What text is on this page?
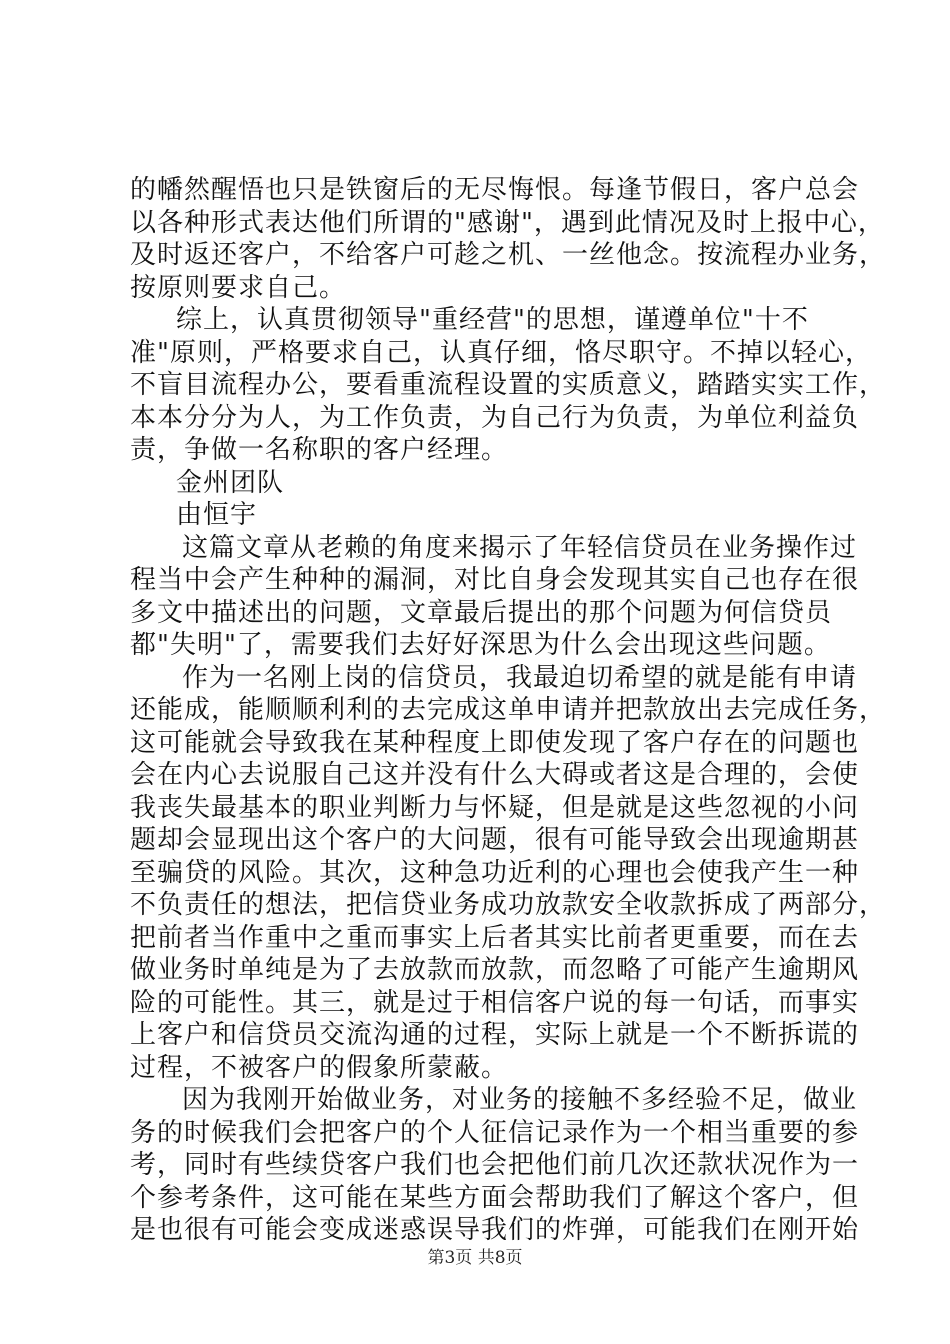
的幡然醒悟也只是铁窗后的无尽悔恨。每逢节假日，客户总会
以各种形式表达他们所谓的"感谢"，遇到此情况及时上报中心，
及时返还客户，不给客户可趁之机、一丝他念。按流程办业务，
按原则要求自己。
综上，认真贯彻领导"重经营"的思想，谨遵单位"十不
准"原则，严格要求自己，认真仔细，恪尽职守。不掉以轻心，
不盲目流程办公，要看重流程设置的实质意义，踏踏实实工作，
本本分分为人，为工作负责，为自己行为负责，为单位利益负
责，争做一名称职的客户经理。
金州团队
由恒宇
这篇文章从老赖的角度来揭示了年轻信贷员在业务操作过
程当中会产生种种的漏洞，对比自身会发现其实自己也存在很
多文中描述出的问题，文章最后提出的那个问题为何信贷员
都"失明"了，需要我们去好好深思为什么会出现这些问题。
作为一名刚上岗的信贷员，我最迫切希望的就是能有申请
还能成，能顺顺利利的去完成这单申请并把款放出去完成任务，
这可能就会导致我在某种程度上即使发现了客户存在的问题也
会在内心去说服自己这并没有什么大碍或者这是合理的，会使
我丧失最基本的职业判断力与怀疑，但是就是这些忽视的小问
题却会显现出这个客户的大问题，很有可能导致会出现逾期甚
至骗贷的风险。其次，这种急功近利的心理也会使我产生一种
不负责任的想法，把信贷业务成功放款安全收款拆成了两部分，
把前者当作重中之重而事实上后者其实比前者更重要，而在去
做业务时单纯是为了去放款而放款，而忽略了可能产生逾期风
险的可能性。其三，就是过于相信客户说的每一句话，而事实
上客户和信贷员交流沟通的过程，实际上就是一个不断拆谎的
过程，不被客户的假象所蒙蔽。
因为我刚开始做业务，对业务的接触不多经验不足，做业
务的时候我们会把客户的个人征信记录作为一个相当重要的参
考，同时有些续贷客户我们也会把他们前几次还款状况作为一
个参考条件，这可能在某些方面会帮助我们了解这个客户，但
是也很有可能会变成迷惑误导我们的炸弹，可能我们在刚开始
第3页 共8页
